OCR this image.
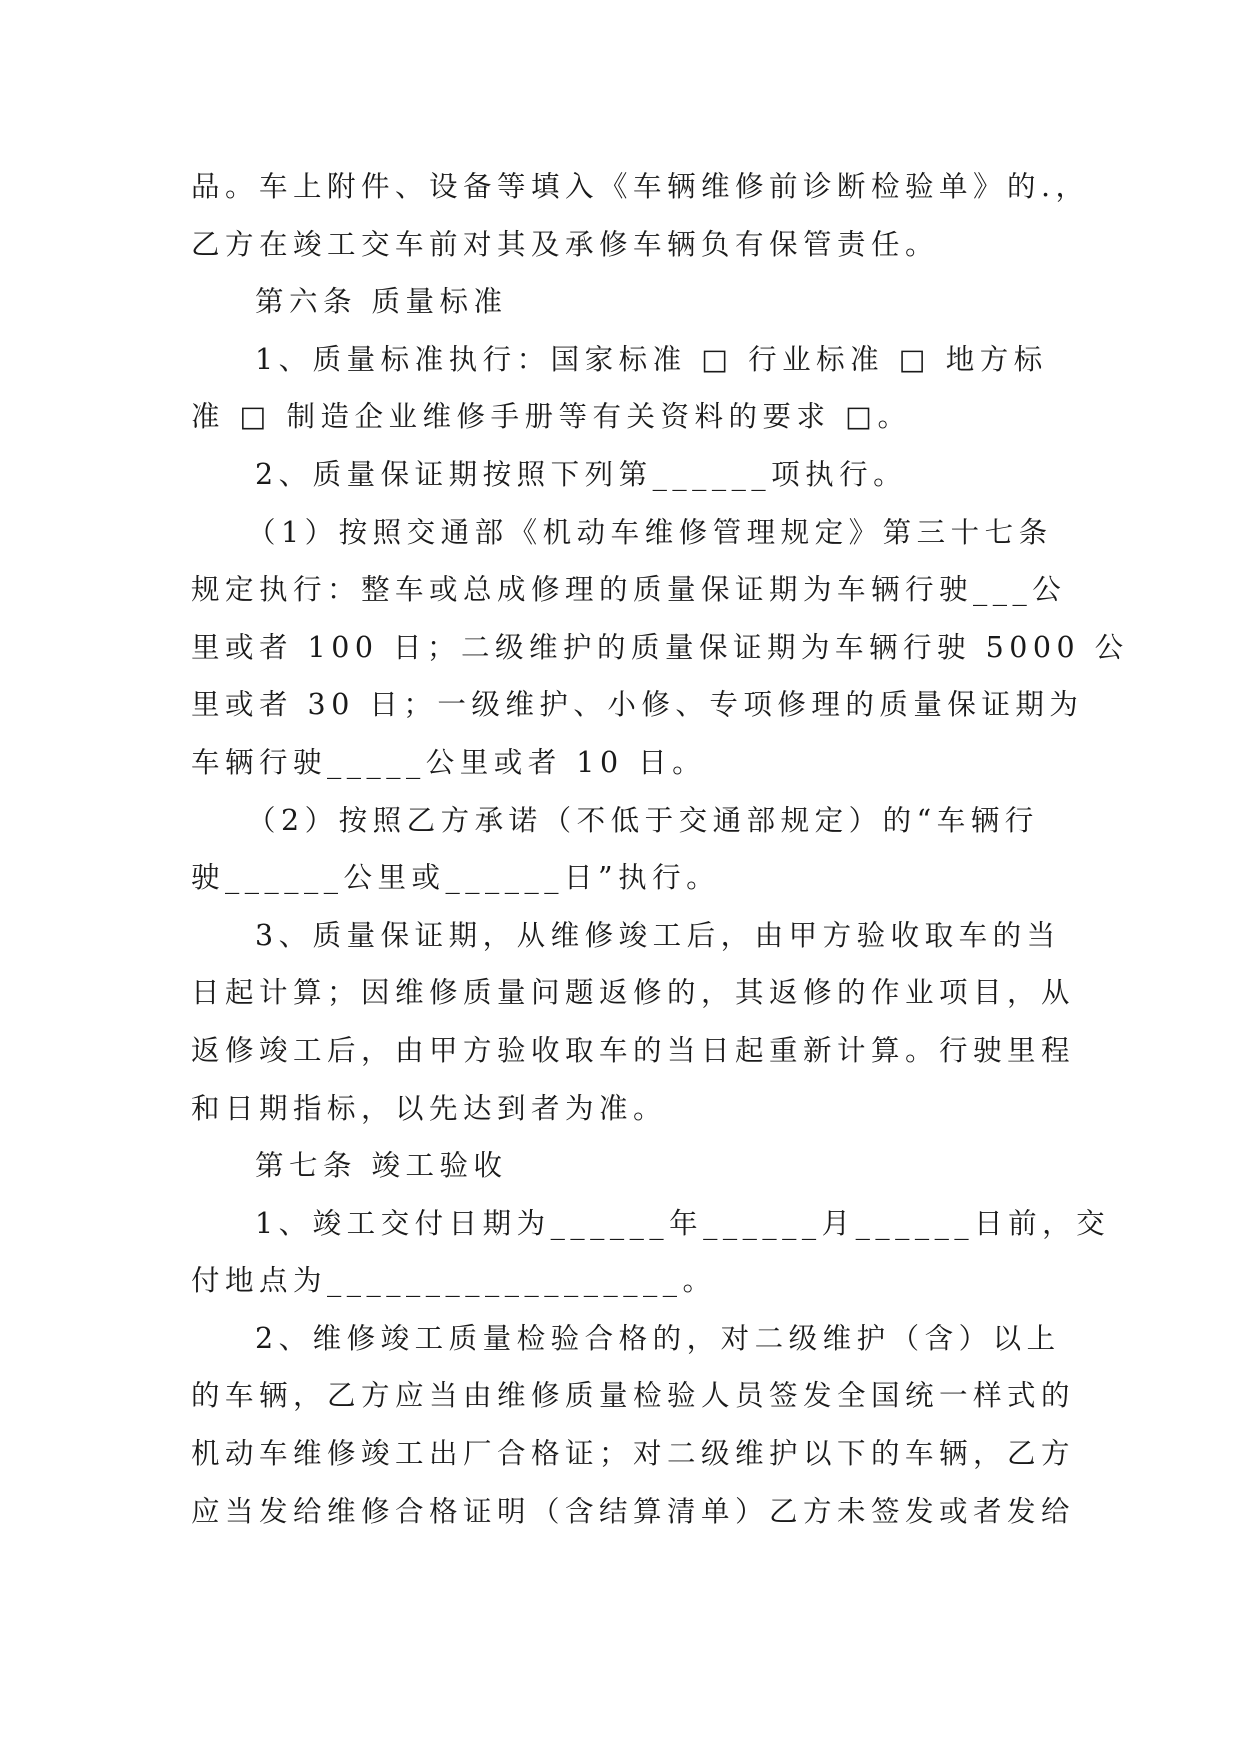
品。车上附件、设备等填入《车辆维修前诊断检验单》的.，
乙方在竣工交车前对其及承修车辆负有保管责任。
第六条 质量标准
1、质量标准执行：国家标准 □ 行业标准 □ 地方标
准 □ 制造企业维修手册等有关资料的要求 □。
2、质量保证期按照下列第______项执行。
（1）按照交通部《机动车维修管理规定》第三十七条
规定执行：整车或总成修理的质量保证期为车辆行驶___公
里或者 100 日；二级维护的质量保证期为车辆行驶 5000 公
里或者 30 日；一级维护、小修、专项修理的质量保证期为
车辆行驶_____公里或者 10 日。
（2）按照乙方承诺（不低于交通部规定）的“车辆行
驶______公里或______日”执行。
3、质量保证期，从维修竣工后，由甲方验收取车的当
日起计算；因维修质量问题返修的，其返修的作业项目，从
返修竣工后，由甲方验收取车的当日起重新计算。行驶里程
和日期指标，以先达到者为准。
第七条 竣工验收
1、竣工交付日期为______年______月______日前，交
付地点为__________________。
2、维修竣工质量检验合格的，对二级维护（含）以上
的车辆，乙方应当由维修质量检验人员签发全国统一样式的
机动车维修竣工出厂合格证；对二级维护以下的车辆，乙方
应当发给维修合格证明（含结算清单）乙方未签发或者发给
